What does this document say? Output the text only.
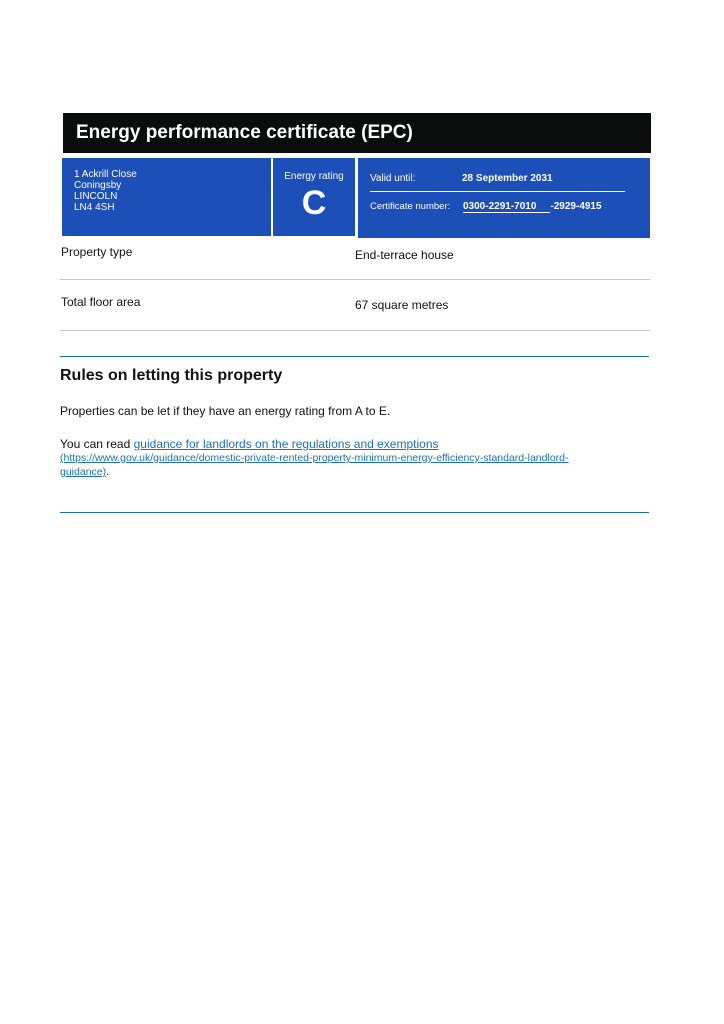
Energy performance certificate (EPC)
1 Ackrill Close
Coningsby
LINCOLN
LN4 4SH
Energy rating
C
Valid until:	28 September 2031
Certificate number: 0300-2291-7010 -2929-4915
Property type	End-terrace house
Total floor area	67 square metres
Rules on letting this property
Properties can be let if they have an energy rating from A to E.
You can read guidance for landlords on the regulations and exemptions
(https://www.gov.uk/guidance/domestic-private-rented-property-minimum-energy-efficiency-standard-landlord-
guidance).
